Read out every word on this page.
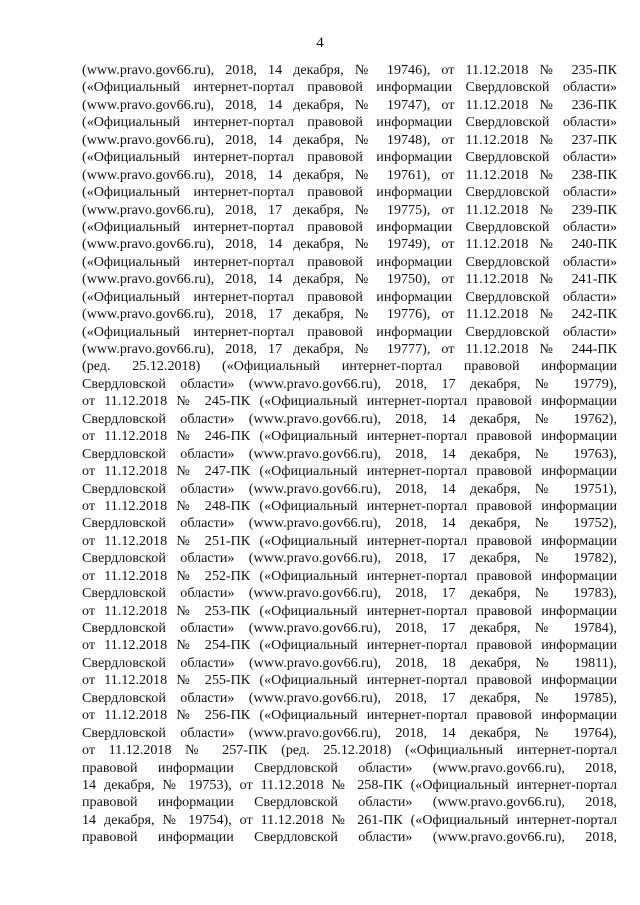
4
(www.pravo.gov66.ru), 2018, 14 декабря, № 19746), от 11.12.2018 № 235-ПК
(«Официальный интернет-портал правовой информации Свердловской области»
(www.pravo.gov66.ru), 2018, 14 декабря, № 19747), от 11.12.2018 № 236-ПК
(«Официальный интернет-портал правовой информации Свердловской области»
(www.pravo.gov66.ru), 2018, 14 декабря, № 19748), от 11.12.2018 № 237-ПК
(«Официальный интернет-портал правовой информации Свердловской области»
(www.pravo.gov66.ru), 2018, 14 декабря, № 19761), от 11.12.2018 № 238-ПК
(«Официальный интернет-портал правовой информации Свердловской области»
(www.pravo.gov66.ru), 2018, 17 декабря, № 19775), от 11.12.2018 № 239-ПК
(«Официальный интернет-портал правовой информации Свердловской области»
(www.pravo.gov66.ru), 2018, 14 декабря, № 19749), от 11.12.2018 № 240-ПК
(«Официальный интернет-портал правовой информации Свердловской области»
(www.pravo.gov66.ru), 2018, 14 декабря, № 19750), от 11.12.2018 № 241-ПК
(«Официальный интернет-портал правовой информации Свердловской области»
(www.pravo.gov66.ru), 2018, 17 декабря, № 19776), от 11.12.2018 № 242-ПК
(«Официальный интернет-портал правовой информации Свердловской области»
(www.pravo.gov66.ru), 2018, 17 декабря, № 19777), от 11.12.2018 № 244-ПК
(ред. 25.12.2018) («Официальный интернет-портал правовой информации
Свердловской области» (www.pravo.gov66.ru), 2018, 17 декабря, № 19779),
от 11.12.2018 № 245-ПК («Официальный интернет-портал правовой информации
Свердловской области» (www.pravo.gov66.ru), 2018, 14 декабря, № 19762),
от 11.12.2018 № 246-ПК («Официальный интернет-портал правовой информации
Свердловской области» (www.pravo.gov66.ru), 2018, 14 декабря, № 19763),
от 11.12.2018 № 247-ПК («Официальный интернет-портал правовой информации
Свердловской области» (www.pravo.gov66.ru), 2018, 14 декабря, № 19751),
от 11.12.2018 № 248-ПК («Официальный интернет-портал правовой информации
Свердловской области» (www.pravo.gov66.ru), 2018, 14 декабря, № 19752),
от 11.12.2018 № 251-ПК («Официальный интернет-портал правовой информации
Свердловской области» (www.pravo.gov66.ru), 2018, 17 декабря, № 19782),
от 11.12.2018 № 252-ПК («Официальный интернет-портал правовой информации
Свердловской области» (www.pravo.gov66.ru), 2018, 17 декабря, № 19783),
от 11.12.2018 № 253-ПК («Официальный интернет-портал правовой информации
Свердловской области» (www.pravo.gov66.ru), 2018, 17 декабря, № 19784),
от 11.12.2018 № 254-ПК («Официальный интернет-портал правовой информации
Свердловской области» (www.pravo.gov66.ru), 2018, 18 декабря, № 19811),
от 11.12.2018 № 255-ПК («Официальный интернет-портал правовой информации
Свердловской области» (www.pravo.gov66.ru), 2018, 17 декабря, № 19785),
от 11.12.2018 № 256-ПК («Официальный интернет-портал правовой информации
Свердловской области» (www.pravo.gov66.ru), 2018, 14 декабря, № 19764),
от 11.12.2018 № 257-ПК (ред. 25.12.2018) («Официальный интернет-портал
правовой информации Свердловской области» (www.pravo.gov66.ru), 2018,
14 декабря, № 19753), от 11.12.2018 № 258-ПК («Официальный интернет-портал
правовой информации Свердловской области» (www.pravo.gov66.ru), 2018,
14 декабря, № 19754), от 11.12.2018 № 261-ПК («Официальный интернет-портал
правовой информации Свердловской области» (www.pravo.gov66.ru), 2018,
